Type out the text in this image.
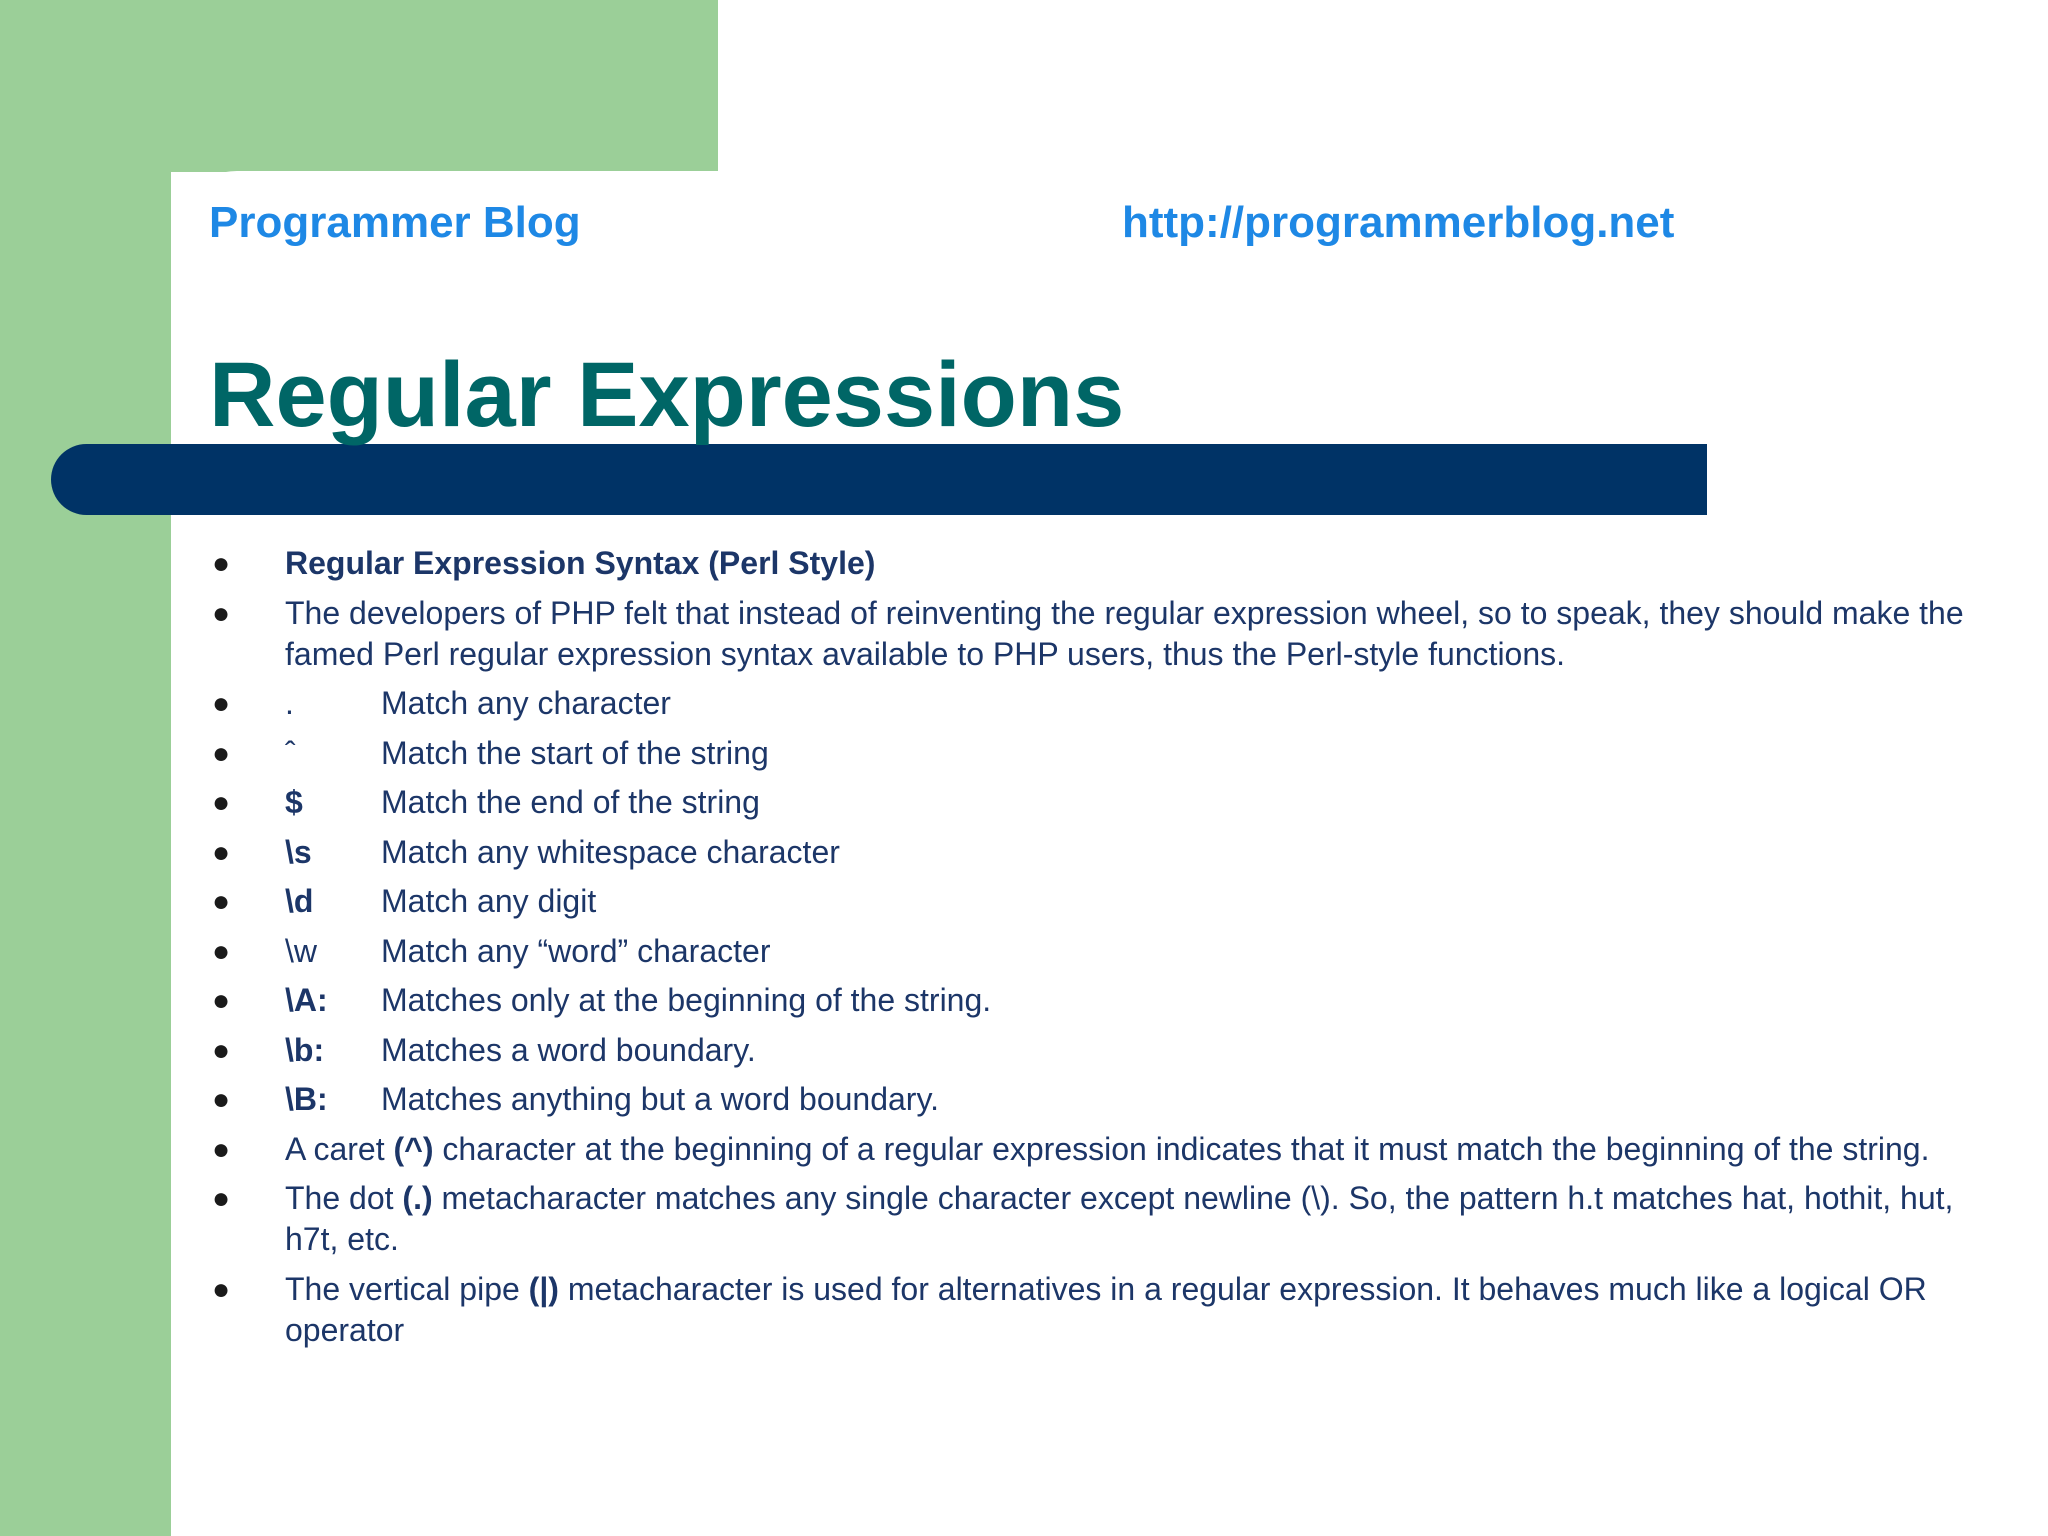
Programmer Blog	http://programmerblog.net
Regular Expressions
● Regular Expression Syntax (Perl Style)
● The developers of PHP felt that instead of reinventing the regular expression wheel, so to speak, they should make the famed Perl regular expression syntax available to PHP users, thus the Perl-style functions.
● .	Match any character
● ˆ	Match the start of the string
● $ Match the end of the string
● \s Match any whitespace character
● \d Match any digit
● \w Match any “word” character
● \A: Matches only at the beginning of the string.
● \b: Matches a word boundary.
● \B: Matches anything but a word boundary.
● A caret (^) character at the beginning of a regular expression indicates that it must match the beginning of the string.
● The dot (.) metacharacter matches any single character except newline (\). So, the pattern h.t matches hat, hothit, hut, h7t, etc.
● The vertical pipe (|) metacharacter is used for alternatives in a regular expression. It behaves much like a logical OR operator
